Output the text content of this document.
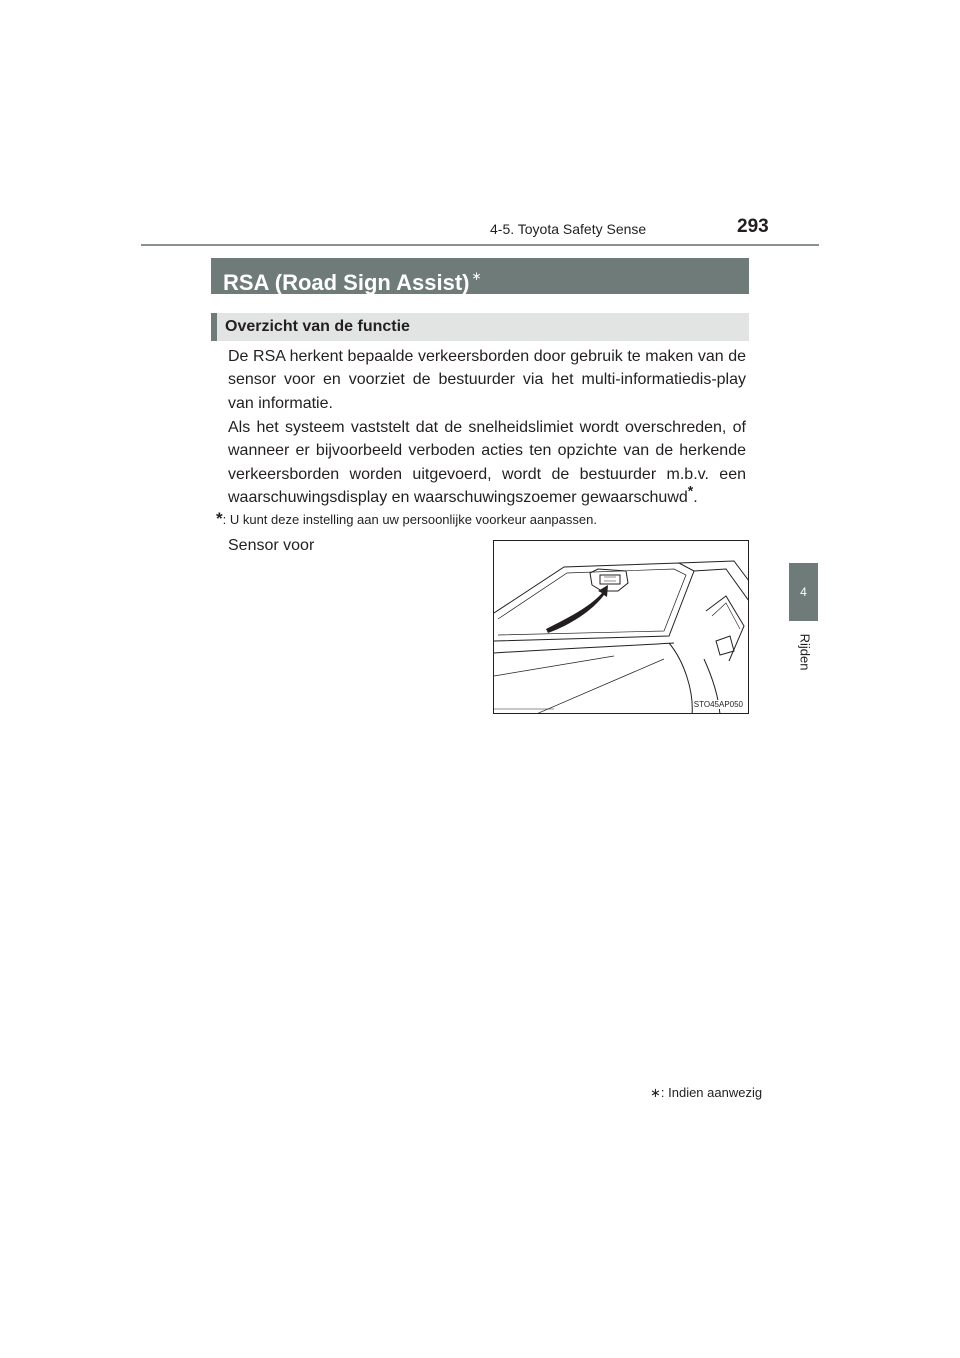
4-5. Toyota Safety Sense	293
4
Rijden
RSA (Road Sign Assist) ∗
Overzicht van de functie
De RSA herkent bepaalde verkeersborden door gebruik te maken van de sensor voor en voorziet de bestuurder via het multi-informatiedis-play van informatie.
Als het systeem vaststelt dat de snelheidslimiet wordt overschreden, of wanneer er bijvoorbeeld verboden acties ten opzichte van de herkende verkeersborden worden uitgevoerd, wordt de bestuurder m.b.v. een waarschuwingsdisplay en waarschuwingszoemer gewaarschuwd*.
*: U kunt deze instelling aan uw persoonlijke voorkeur aanpassen.
Sensor voor
STO45AP050
∗: Indien aanwezig
